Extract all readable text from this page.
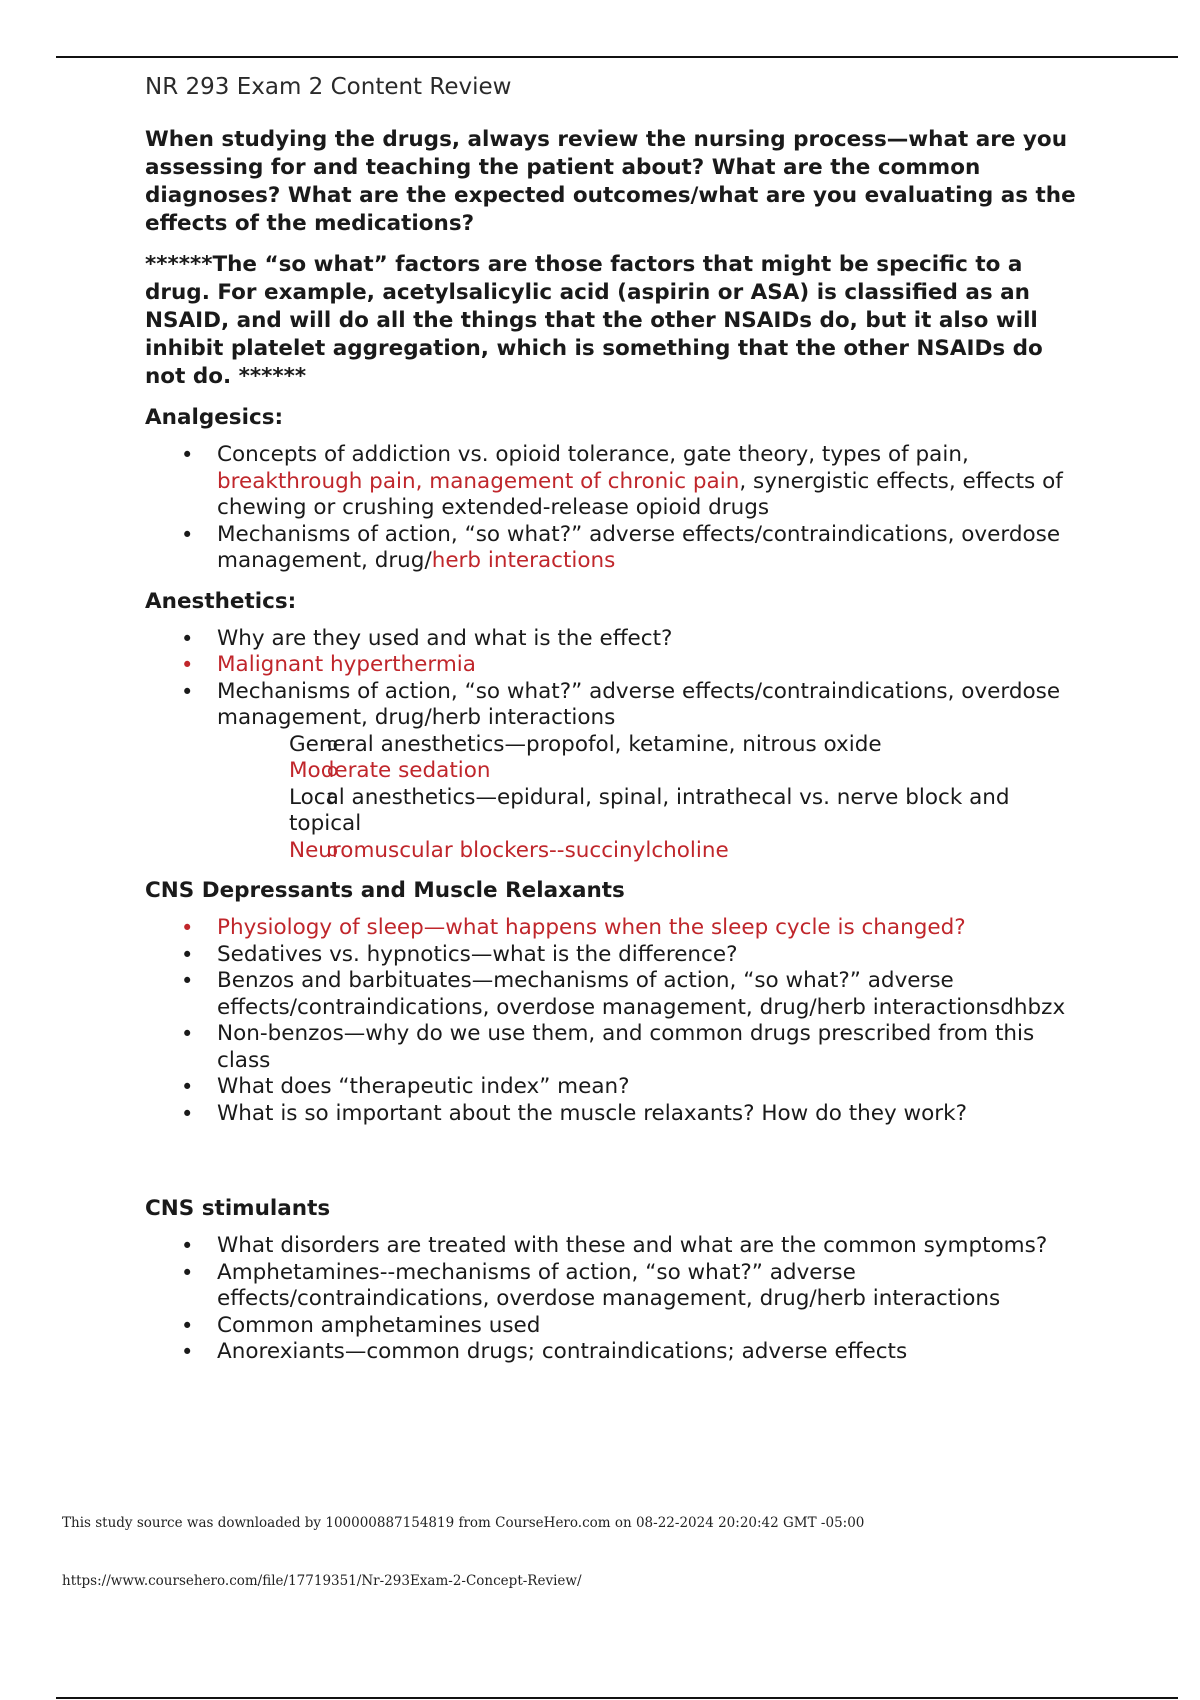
NR 293 Exam 2 Content Review

When studying the drugs, always review the nursing process—what are you assessing for and teaching the patient about? What are the common diagnoses? What are the expected outcomes/what are you evaluating as the effects of the medications?

******The “so what” factors are those factors that might be specific to a drug. For example, acetylsalicylic acid (aspirin or ASA) is classified as an NSAID, and will do all the things that the other NSAIDs do, but it also will inhibit platelet aggregation, which is something that the other NSAIDs do not do. ******

Analgesics:
• Concepts of addiction vs. opioid tolerance, gate theory, types of pain, breakthrough pain, management of chronic pain, synergistic effects, effects of chewing or crushing extended-release opioid drugs
• Mechanisms of action, “so what?” adverse effects/contraindications, overdose management, drug/herb interactions
Anesthetics:
• Why are they used and what is the effect?
• Malignant hyperthermia
• Mechanisms of action, “so what?” adverse effects/contraindications, overdose management, drug/herb interactions
o General anesthetics—propofol, ketamine, nitrous oxide
o Moderate sedation
o Local anesthetics—epidural, spinal, intrathecal vs. nerve block and topical
o Neuromuscular blockers--succinylcholine
CNS Depressants and Muscle Relaxants
• Physiology of sleep—what happens when the sleep cycle is changed?
• Sedatives vs. hypnotics—what is the difference?
• Benzos and barbituates—mechanisms of action, “so what?” adverse effects/contraindications, overdose management, drug/herb interactionsdhbzx
• Non-benzos—why do we use them, and common drugs prescribed from this class
• What does “therapeutic index” mean?
• What is so important about the muscle relaxants? How do they work?
CNS stimulants
• What disorders are treated with these and what are the common symptoms?
• Amphetamines--mechanisms of action, “so what?” adverse effects/contraindications, overdose management, drug/herb interactions
• Common amphetamines used
• Anorexiants—common drugs; contraindications; adverse effects
This study source was downloaded by 100000887154819 from CourseHero.com on 08-22-2024 20:20:42 GMT -05:00
https://www.coursehero.com/file/17719351/Nr-293Exam-2-Concept-Review/
